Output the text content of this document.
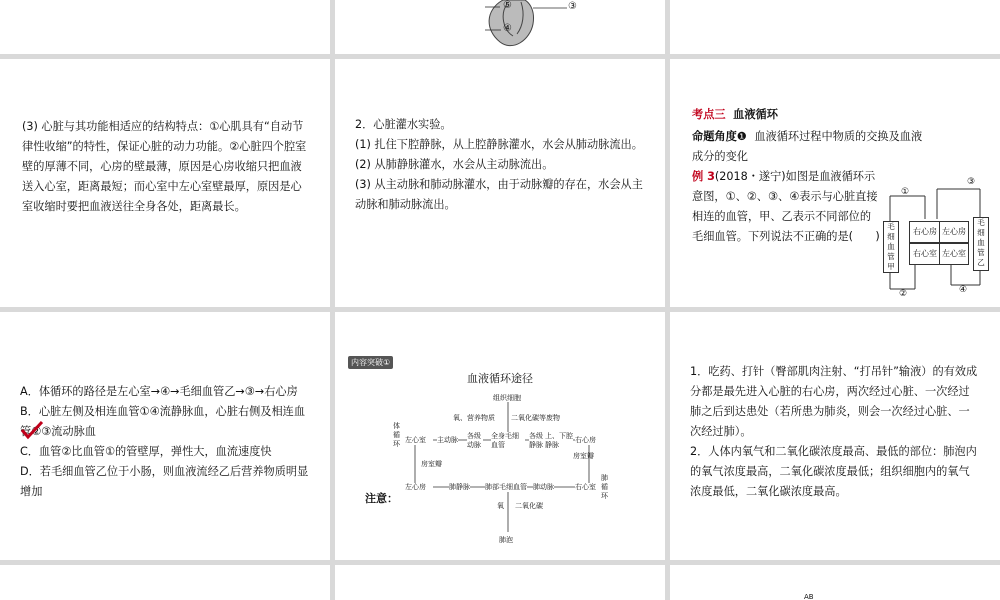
⑤	③
④

(3) 心脏与其功能相适应的结构特点：①心肌具有“自动节律性收缩”的特性，保证心脏的动力功能。②心脏四个腔室壁的厚薄不同，心房的壁最薄，原因是心房收缩只把血液送入心室，距离最短；而心室中左心室壁最厚，原因是心室收缩时要把血液送往全身各处，距离最长。

2．心脏灌水实验。

(1) 扎住下腔静脉，从上腔静脉灌水，水会从肺动脉流出。

(2) 从肺静脉灌水，水会从主动脉流出。

(3) 从主动脉和肺动脉灌水，由于动脉瓣的存在，水会从主动脉和肺动脉流出。

考点三 血液循环

命题角度❶ 血液循环过程中物质的交换及血液成分的变化
例 3(2018・遂宁)如图是血液循环示意图，①、②、③、④表示与心脏直接相连的血管，甲、乙表示不同部位的毛细血管。下列说法不正确的是(　　)
毛细血管甲
毛细血管乙
右心房 左心房
右心室 左心室
①
③
②	④

A．体循环的路径是左心室→④→毛细血管乙→③→右心房

B．心脏左侧及相连血管①④流静脉血，心脏右侧及相连血管②③流动脉血

C．血管②比血管①的管壁厚，弹性大，血流速度快

D．若毛细血管乙位于小肠，则血液流经乙后营养物质明显增加

内容突破①
血液循环途径
注意：
体循环
组织细胞
氧、营养物质 二氧化碳等废物
左心室 主动脉 各级动脉
全身毛细血管
各级静脉
上、下腔静脉
右心房
房室瓣
房室瓣
肺循环
左心房	肺静脉 肺部毛细血管 肺动脉	右心室
氧 二氧化碳
肺泡

1．吃药、打针（臀部肌肉注射、“打吊针”输液）的有效成分都是最先进入心脏的右心房，两次经过心脏、一次经过肺之后到达患处（若所患为肺炎，则会一次经过心脏、一次经过肺）。

2．人体内氧气和二氧化碳浓度最高、最低的部位：肺泡内的氧气浓度最高，二氧化碳浓度最低；组织细胞内的氧气浓度最低，二氧化碳浓度最高。

AB
